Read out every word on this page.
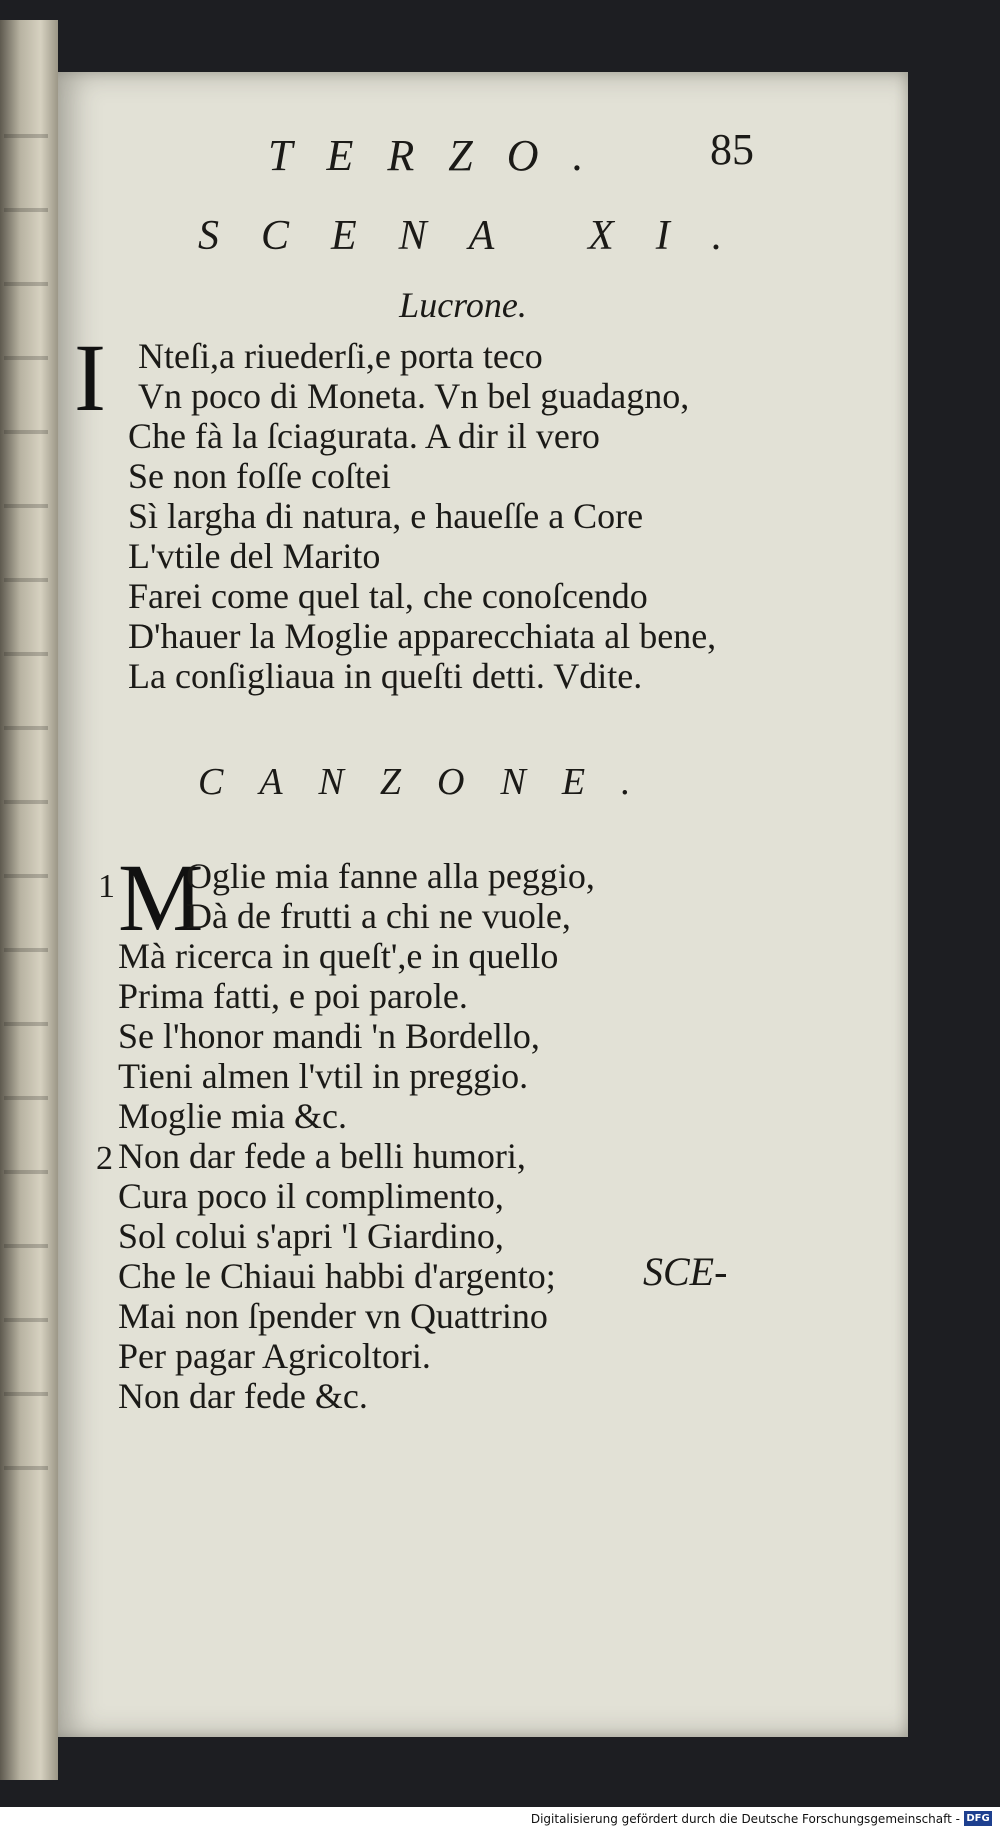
TERZO. 85
SCENA XI.
Lucrone.
I Nteſi,a riuederſi,e porta teco
Vn poco di Moneta. Vn bel guadagno,
Che fà la ſciagurata. A dir il vero
Se non foſſe coſtei
Sì largha di natura, e haueſſe a Core
L'vtile del Marito
Farei come quel tal, che conoſcendo
D'hauer la Moglie apparecchiata al bene,
La conſigliaua in queſti detti. Vdite.
CANZONE.
1 M
Oglie mia fanne alla peggio,
Dà de frutti a chi ne vuole,
Mà ricerca in queſt',e in quello
Prima fatti, e poi parole.
Se l'honor mandi 'n Bordello,
Tieni almen l'vtil in preggio.
Moglie mia &c.
2 Non dar fede a belli humori,
Cura poco il complimento,
Sol colui s'apri 'l Giardino,
Che le Chiaui habbi d'argento;
Mai non ſpender vn Quattrino
Per pagar Agricoltori.
Non dar fede &c.
SCE-
Digitalisierung gefördert durch die Deutsche Forschungsgemeinschaft - DFG
